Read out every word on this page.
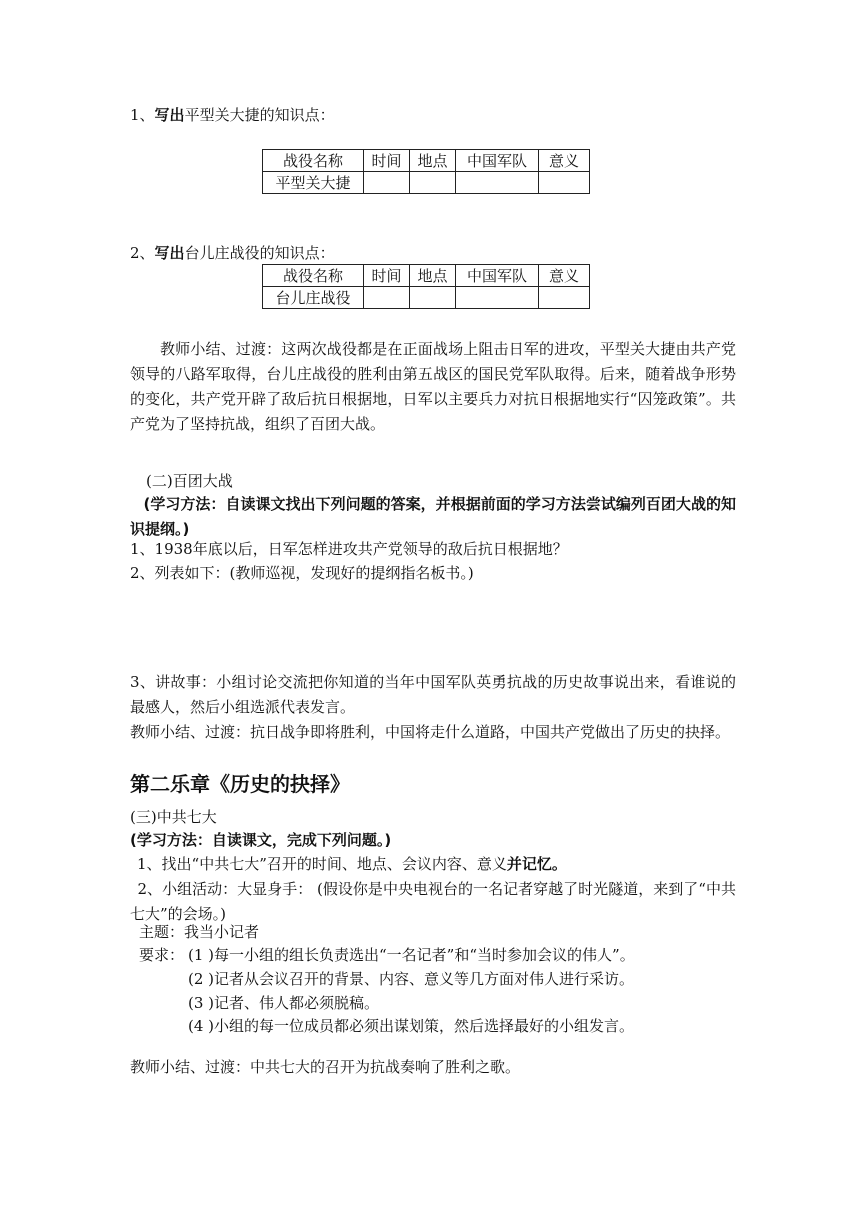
1、写出平型关大捷的知识点：
战役名称	时间	地点	中国军队	意义
平型关大捷				
2、写出台儿庄战役的知识点：
战役名称	时间	地点	中国军队	意义
台儿庄战役				
教师小结、过渡：这两次战役都是在正面战场上阻击日军的进攻，平型关大捷由共产党领导的八路军取得，台儿庄战役的胜利由第五战区的国民党军队取得。后来，随着战争形势的变化，共产党开辟了敌后抗日根据地，日军以主要兵力对抗日根据地实行“囚笼政策”。共产党为了坚持抗战，组织了百团大战。
(二)百团大战
(学习方法：自读课文找出下列问题的答案，并根据前面的学习方法尝试编列百团大战的知识提纲。)
1、1938年底以后，日军怎样进攻共产党领导的敌后抗日根据地？
2、列表如下：(教师巡视，发现好的提纲指名板书。)
3、讲故事：小组讨论交流把你知道的当年中国军队英勇抗战的历史故事说出来，看谁说的最感人，然后小组选派代表发言。
教师小结、过渡：抗日战争即将胜利，中国将走什么道路，中国共产党做出了历史的抉择。
第二乐章《历史的抉择》
(三)中共七大
(学习方法：自读课文，完成下列问题。)
1、找出“中共七大”召开的时间、地点、会议内容、意义并记忆。
2、小组活动：大显身手： (假设你是中央电视台的一名记者穿越了时光隧道，来到了“中共七大”的会场。)
主题：我当小记者
要求： (1 )每一小组的组长负责选出“一名记者”和“当时参加会议的伟人”。
(2 )记者从会议召开的背景、内容、意义等几方面对伟人进行采访。
(3 )记者、伟人都必须脱稿。
(4 )小组的每一位成员都必须出谋划策，然后选择最好的小组发言。
教师小结、过渡：中共七大的召开为抗战奏响了胜利之歌。
